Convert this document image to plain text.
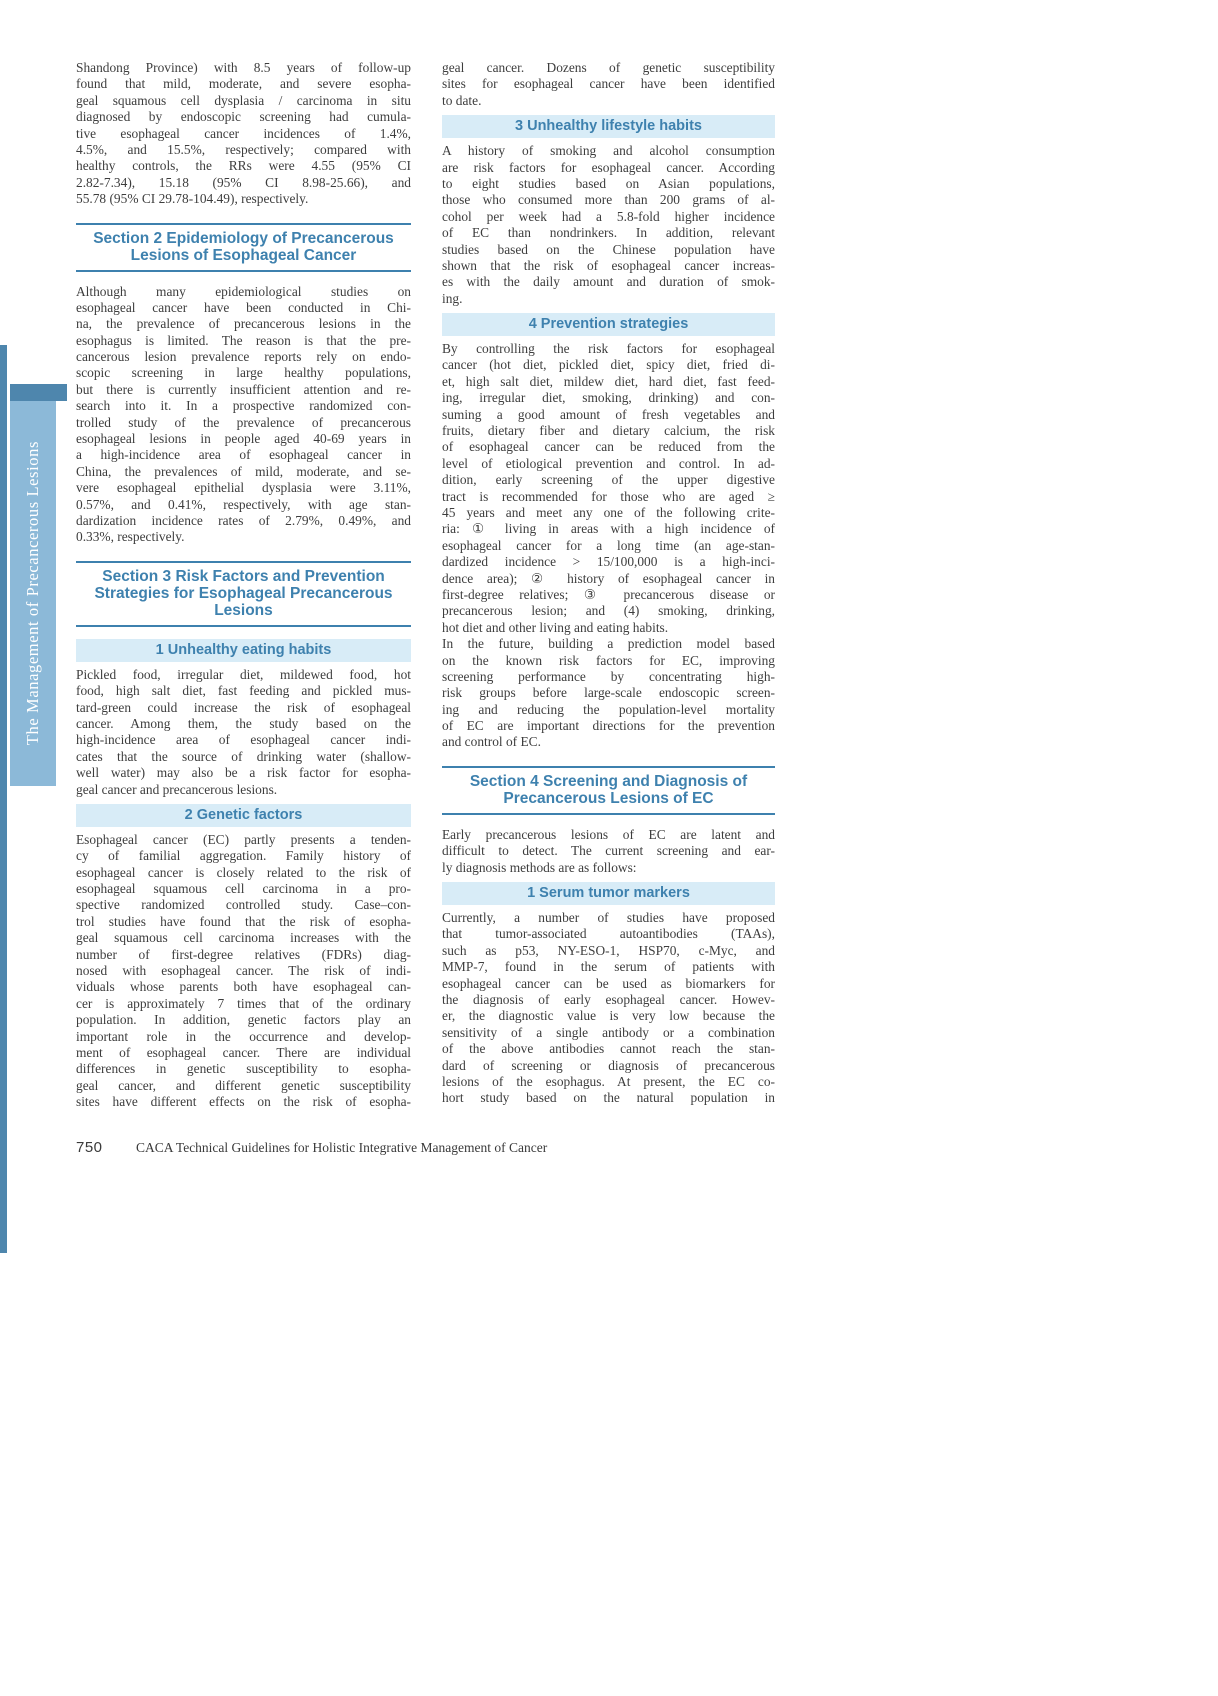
The Management of Precancerous Lesions
Shandong Province) with 8.5 years of follow-up
found that mild, moderate, and severe esopha-
geal squamous cell dysplasia / carcinoma in situ
diagnosed by endoscopic screening had cumula-
tive esophageal cancer incidences of 1.4%,
4.5%, and 15.5%, respectively; compared with
healthy controls, the RRs were 4.55 (95% CI
2.82-7.34), 15.18 (95% CI 8.98-25.66), and
55.78 (95% CI 29.78-104.49), respectively.
Section 2 Epidemiology of Precancerous
Lesions of Esophageal Cancer
Although many epidemiological studies on
esophageal cancer have been conducted in Chi-
na, the prevalence of precancerous lesions in the
esophagus is limited. The reason is that the pre-
cancerous lesion prevalence reports rely on endo-
scopic screening in large healthy populations,
but there is currently insufficient attention and re-
search into it. In a prospective randomized con-
trolled study of the prevalence of precancerous
esophageal lesions in people aged 40-69 years in
a high-incidence area of esophageal cancer in
China, the prevalences of mild, moderate, and se-
vere esophageal epithelial dysplasia were 3.11%,
0.57%, and 0.41%, respectively, with age stan-
dardization incidence rates of 2.79%, 0.49%, and
0.33%, respectively.
Section 3 Risk Factors and Prevention
Strategies for Esophageal Precancerous
Lesions
1 Unhealthy eating habits
Pickled food, irregular diet, mildewed food, hot
food, high salt diet, fast feeding and pickled mus-
tard-green could increase the risk of esophageal
cancer. Among them, the study based on the
high-incidence area of esophageal cancer indi-
cates that the source of drinking water (shallow-
well water) may also be a risk factor for esopha-
geal cancer and precancerous lesions.
2 Genetic factors
Esophageal cancer (EC) partly presents a tenden-
cy of familial aggregation. Family history of
esophageal cancer is closely related to the risk of
esophageal squamous cell carcinoma in a pro-
spective randomized controlled study. Case–con-
trol studies have found that the risk of esopha-
geal squamous cell carcinoma increases with the
number of first-degree relatives (FDRs) diag-
nosed with esophageal cancer. The risk of indi-
viduals whose parents both have esophageal can-
cer is approximately 7 times that of the ordinary
population. In addition, genetic factors play an
important role in the occurrence and develop-
ment of esophageal cancer. There are individual
differences in genetic susceptibility to esopha-
geal cancer, and different genetic susceptibility
sites have different effects on the risk of esopha-
geal cancer. Dozens of genetic susceptibility
sites for esophageal cancer have been identified
to date.
3 Unhealthy lifestyle habits
A history of smoking and alcohol consumption
are risk factors for esophageal cancer. According
to eight studies based on Asian populations,
those who consumed more than 200 grams of al-
cohol per week had a 5.8-fold higher incidence
of EC than nondrinkers. In addition, relevant
studies based on the Chinese population have
shown that the risk of esophageal cancer increas-
es with the daily amount and duration of smok-
ing.
4 Prevention strategies
By controlling the risk factors for esophageal
cancer (hot diet, pickled diet, spicy diet, fried di-
et, high salt diet, mildew diet, hard diet, fast feed-
ing, irregular diet, smoking, drinking) and con-
suming a good amount of fresh vegetables and
fruits, dietary fiber and dietary calcium, the risk
of esophageal cancer can be reduced from the
level of etiological prevention and control. In ad-
dition, early screening of the upper digestive
tract is recommended for those who are aged ≥
45 years and meet any one of the following crite-
ria: ① living in areas with a high incidence of
esophageal cancer for a long time (an age-stan-
dardized incidence > 15/100,000 is a high-inci-
dence area); ② history of esophageal cancer in
first-degree relatives; ③ precancerous disease or
precancerous lesion; and (4) smoking, drinking,
hot diet and other living and eating habits.
In the future, building a prediction model based
on the known risk factors for EC, improving
screening performance by concentrating high-
risk groups before large-scale endoscopic screen-
ing and reducing the population-level mortality
of EC are important directions for the prevention
and control of EC.
Section 4 Screening and Diagnosis of
Precancerous Lesions of EC
Early precancerous lesions of EC are latent and
difficult to detect. The current screening and ear-
ly diagnosis methods are as follows:
1 Serum tumor markers
Currently, a number of studies have proposed
that tumor-associated autoantibodies (TAAs),
such as p53, NY-ESO-1, HSP70, c-Myc, and
MMP-7, found in the serum of patients with
esophageal cancer can be used as biomarkers for
the diagnosis of early esophageal cancer. Howev-
er, the diagnostic value is very low because the
sensitivity of a single antibody or a combination
of the above antibodies cannot reach the stan-
dard of screening or diagnosis of precancerous
lesions of the esophagus. At present, the EC co-
hort study based on the natural population in
750 CACA Technical Guidelines for Holistic Integrative Management of Cancer
